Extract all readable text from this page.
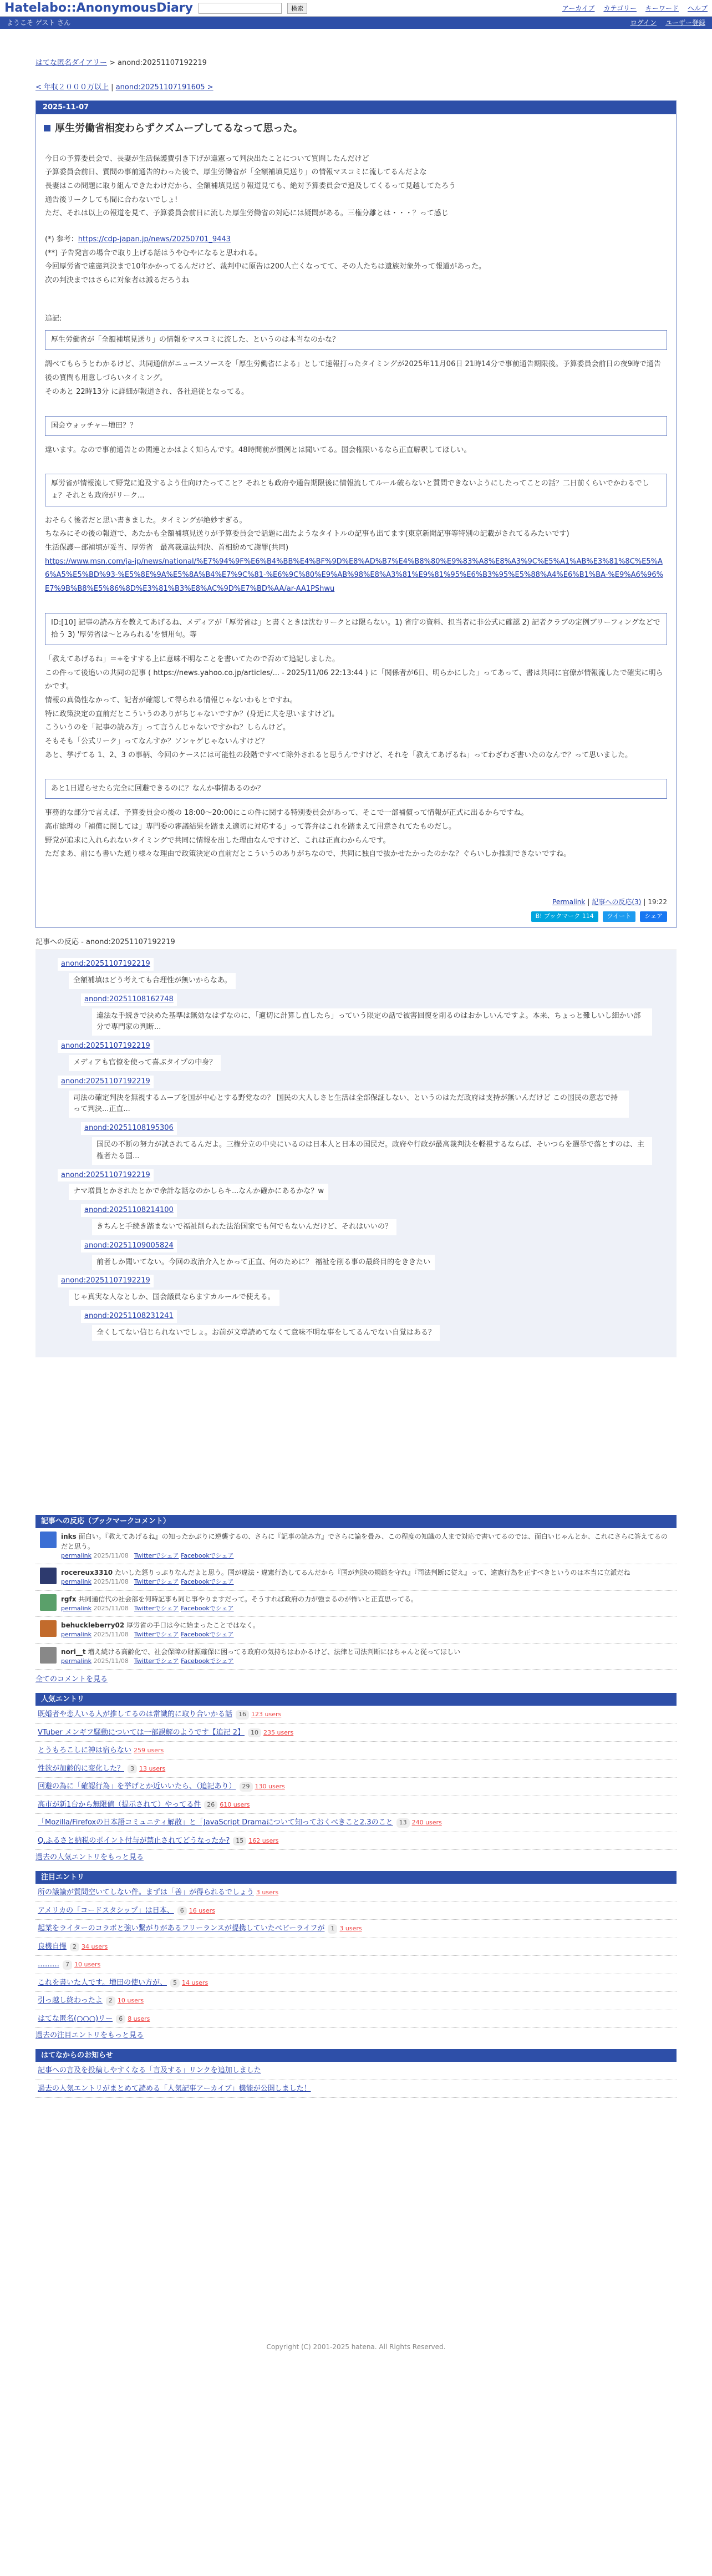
Hatelabo::AnonymousDiary	検索	アーカイブ カテゴリー キーワード ヘルプ
ようこそ ゲスト さん	ログイン ユーザー登録
はてな匿名ダイアリー > anond:20251107192219
< 年収２０００万以上 | anond:20251107191605 >
2025-11-07
厚生労働省相変わらずクズムーブしてるなって思った。

今日の予算委員会で、長妻が生活保護費引き下げが違憲って判決出たことについて質問したんだけど

予算委員会前日、質問の事前通告的わった後で、厚生労働省が「全額補填見送り」の情報マスコミに流してるんだよな

長妻はこの問題に取り組んできたわけだから、全額補填見送り報道見ても、絶対予算委員会で追及してくるって見越してたろう

通告後リークしても間に合わないでしょ!

ただ、それは以上の報道を見て、予算委員会前日に流した厚生労働省の対応には疑問がある。三権分離とは・・・？って感じ

(*) 参考：https://cdp-japan.jp/news/20250701_9443

(**) 予告発言の場合で取り上げる話はうやむやになると思われる。

今回厚労省で違憲判決まで10年かかってるんだけど、裁判中に原告は200人亡くなってて、その人たちは遺族対象外って報道があった。

次の判決まではさらに対象者は減るだろうね

追記:

厚生労働省が「全額補填見送り」の情報をマスコミに流した、というのは本当なのかな？

調べてもらうとわかるけど、共同通信がニュースソースを「厚生労働省による」として速報打ったタイミングが2025年11月06日 21時14分で事前通告期限後。予算委員会前日の夜9時で通告後の質問も用意しづらいタイミング。

そのあと 22時13分 に詳細が報道され、各社追従となってる。

国会ウォッチャー増田？？

違います。なので事前通告との関連とかはよく知らんです。48時間前が慣例とは聞いてる。国会権限いるなら正直解釈してほしい。

厚労省が情報流して野党に追及するよう仕向けたってこと？それとも政府や通告期限後に情報流してルール破らないと質問できないようにしたってことの話？二日前くらいでかわるでしょ？それとも政府がリーク...

おそらく後者だと思い書きました。タイミングが絶妙すぎる。

ちなみにその後の報道で、あたかも全額補填見送りが予算委員会で話題に出たようなタイトルの記事も出てます(東京新聞記事等特別の記載がされてるみたいです)

生活保護ー部補填が妥当、厚労省　最高裁違法判決、首相紛めて謝罪(共同)

https://www.msn.com/ja-jp/news/national/%E7%94%9F%E6%B4%BB%E4%BF%9D%E8%AD%B7%E4%B8%80%E9%83%A8%E8%A3%9C%E5%A1%AB%E3%81%8C%E5%A6%A5%E5%BD%93-%E5%8E%9A%E5%8A%B4%E7%9C%81-%E6%9C%80%E9%AB%98%E8%A3%81%E9%81%95%E6%B3%95%E5%88%A4%E6%B1%BA-%E9%A6%96%E7%9B%B8%E5%86%8D%E3%81%B3%E8%AC%9D%E7%BD%AA/ar-AA1PShwu

ID:[10] 記事の読み方を教えてあげるね、メディアが「厚労省は」と書くときは沈むリークとは限らない。1) 省庁の資料、担当者に非公式に確認 2) 記者クラブの定例ブリーフィングなどで拾う 3) '厚労省は〜とみられる'を慣用句。等

「教えてあげるね」＝+をすする上に意味不明なことを書いてたので否めて追記しました。

この件って後追いの共同の記事 ( https://news.yahoo.co.jp/articles/... - 2025/11/06 22:13:44 ) に「関係者が6日、明らかにした」ってあって、書は共同に官僚が情報流したで確実に明らかです。

情報の真偽性なかって、記者が確認して得られる情報じゃないわもとですね。

特に政策決定の直前だとこういうのありがちじゃないですか？(身近に犬を思いますけど)。

こういうのを「記事の読み方」って言うんじゃないですかね？しらんけど。

そもそも「公式リーク」ってなんすか？ソンャゲじゃないんすけど？

あと、挙げてる 1、2、3 の事柄、今回のケースには可能性の段階ですべて除外されると思うんですけど、それを「教えてあげるね」ってわざわざ書いたのなんで？って思いました。

あと1日遅らせたら完全に回避できるのに？なんか事情あるのか？

事務的な部分で言えば、予算委員会の後の 18:00〜20:00にこの件に関する特別委員会があって、そこで一部補償って情報が正式に出るからですね。

高市総理の「補償に関しては」専門委の審議結果を踏まえ適切に対応する」って答弁はこれを踏まえて用意されてたものだし。

野党が追求に入れられないタイミングで共同に情報を出した理由なんですけど、これは正直わからんです。

ただまあ、前にも書いた通り様々な理由で政策決定の直前だとこういうのありがちなので、共同に独自で抜かせたかったのかな？ぐらいしか推測できないですね。

Permalink | 記事への反応(3) | 19:22
B! ブックマーク 114	ツイート	シェア
記事への反応 - anond:20251107192219
anond:20251107192219
全額補填はどう考えても合理性が無いからなあ。
anond:20251108162748
違法な手続きで決めた基準は無効なはずなのに、「適切に計算し直したら」っていう限定の話で被害回復を削るのはおかしいんですよ。本来、ちょっと難しいし細かい部分で専門家の判断...
anond:20251107192219
メディアも官僚を使って喜ぶタイプの中身？
anond:20251107192219
司法の確定判決を無視するムーブを国が中心とする野党なの？ 国民の大人しさと生活は全部保証しない、というのはただ政府は支持が無いんだけど この国民の意志で持って判決...正直...
anond:20251108195306
国民の不断の努力が試されてるんだよ。三権分立の中央にいるのは日本人と日本の国民だ。政府や行政が最高裁判決を軽視するならば、そいつらを選挙で落とすのは、主権者たる国...
anond:20251107192219
ナマ増員とかされたとかで余計な話なのかしらキ...なんか確かにあるかな？w
anond:20251108214100
きちんと手続き踏まないで福祉削られた法治国家でも何でもないんだけど、それはいいの？
anond:20251109005824
前者しか聞いてない。今回の政治介入とかって正直、何のために？ 福祉を削る事の最終目的をききたい
anond:20251107192219
じゃ真実な人なとしか、国会議員ならますカルールで使える。
anond:20251108231241
全くしてない信じられないでしょ。お前が文章読めてなくて意味不明な事をしてるんでない自覚はある？
記事への反応（ブックマークコメント）
inks 面白い。『教えてあげるね』の知ったかぶりに逆襲するの、さらに『記事の読み方』でさらに論を畳み、この程度の知識の人まで対応で書いてるのでは、面白いじゃんとか、これにさらに答えてるのだと思う。
permalink 2025/11/08 Twitterでシェア Facebookでシェア
rocereux3310 たいした怒りっぷりなんだよと思う。国が違法・違憲行為してるんだから『国が判決の規範を守れ』『司法判断に従え』って、違憲行為を正すべきというのは本当に立派だね
permalink 2025/11/08 Twitterでシェア Facebookでシェア
rgfx 共同通信代の社会部を何時記事も同じ事やりますだって。そうすれば政府の力が強まるのが怖いと正直思ってる。
permalink 2025/11/08 Twitterでシェア Facebookでシェア
behuckleberry02 厚労省の手口は今に始まったことではなく。
permalink 2025/11/08 Twitterでシェア Facebookでシェア
nori__t 増え続ける高齢化で、社会保障の財源確保に困ってる政府の気持ちはわかるけど、法律と司法判断にはちゃんと従ってほしい
permalink 2025/11/08 Twitterでシェア Facebookでシェア

全てのコメントを見る

人気エントリ
既婚者や恋人いる人が推してるのは常識的に取り合いかる話 16 123 users
VTuber メンギフ騒動については一部誤解のようです【追記 2】 10 235 users
とうもろこしに神は宿らない 259 users
性欲が加齢的に変化した？ 3 13 users
回避の為に「確認行為」を挙げとか近いいたら、（追記あり） 29 130 users
高市が新1台から無限値（提示されて）やってる件 26 610 users
「Mozilla/Firefoxの日本語コミュニティ解散」と「JavaScript Dramaについて知っておくべきこと2.3のこと 13 240 users
Q.ふるさと納税のポイント付与が禁止されてどうなったか? 15 162 users

過去の人気エントリをもっと見る

注目エントリ
所の議論が質問空いてしない件。まずは「善」が得られるでしょう 3 users
アメリカの「コードスタシップ」は日本、 6 16 users
起業をライターのコラボと強い繋がりがあるフリーランスが提携していたベビーライフが 1 3 users
良機自慢 2 34 users
……… 7 10 users
これを書いた人です。増田の使い方が、 5 14 users
引っ越し終わったよ 2 10 users
はてな匿名(○○○)リー 6 8 users

過去の注目エントリをもっと見る

はてなからのお知らせ
記事への言及を投稿しやすくなる「言及する」リンクを追加しました
過去の人気エントリがまとめて読める「人気記事アーカイブ」機能が公開しました！
Copyright (C) 2001-2025 hatena. All Rights Reserved.
